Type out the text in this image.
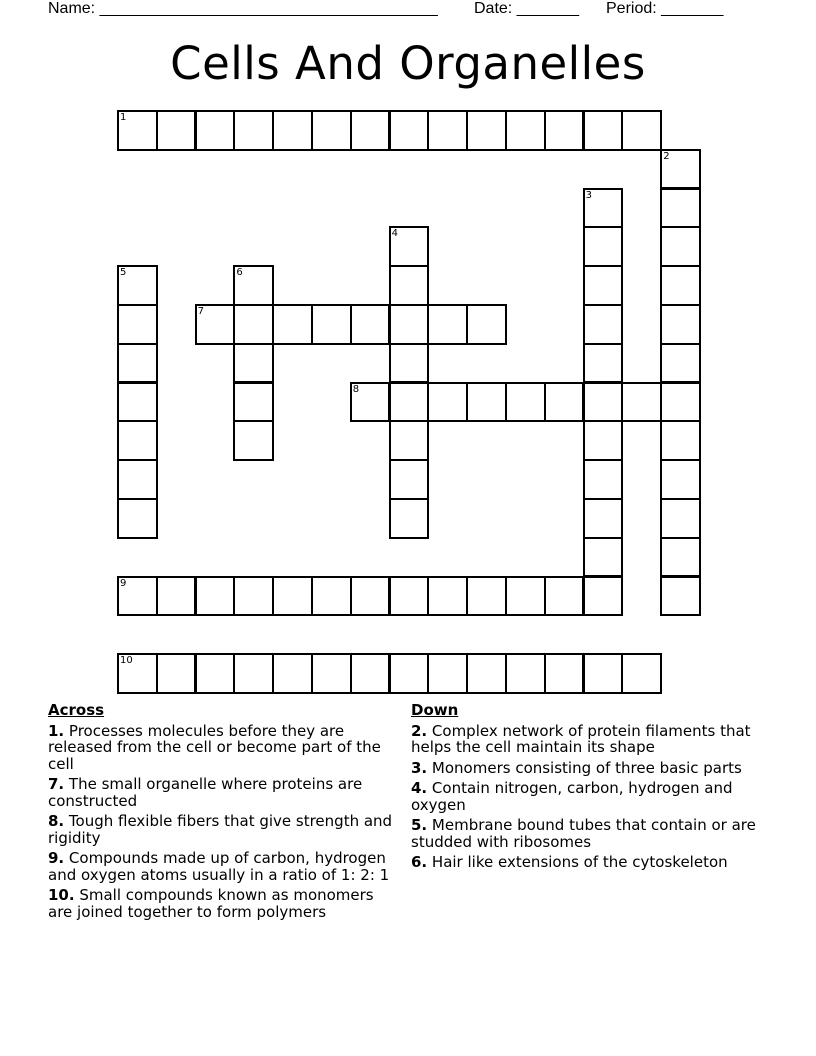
Name: ______________________________________ Date: _______ Period: _______
Cells And Organelles
1
2
3
4
5	6
7
8
9
10
Across
1. Processes molecules before they are released from the cell or become part of the cell
7. The small organelle where proteins are constructed
8. Tough flexible fibers that give strength and rigidity
9. Compounds made up of carbon, hydrogen and oxygen atoms usually in a ratio of 1: 2: 1
10. Small compounds known as monomers are joined together to form polymers
Down
2. Complex network of protein filaments that helps the cell maintain its shape
3. Monomers consisting of three basic parts
4. Contain nitrogen, carbon, hydrogen and oxygen
5. Membrane bound tubes that contain or are studded with ribosomes
6. Hair like extensions of the cytoskeleton
